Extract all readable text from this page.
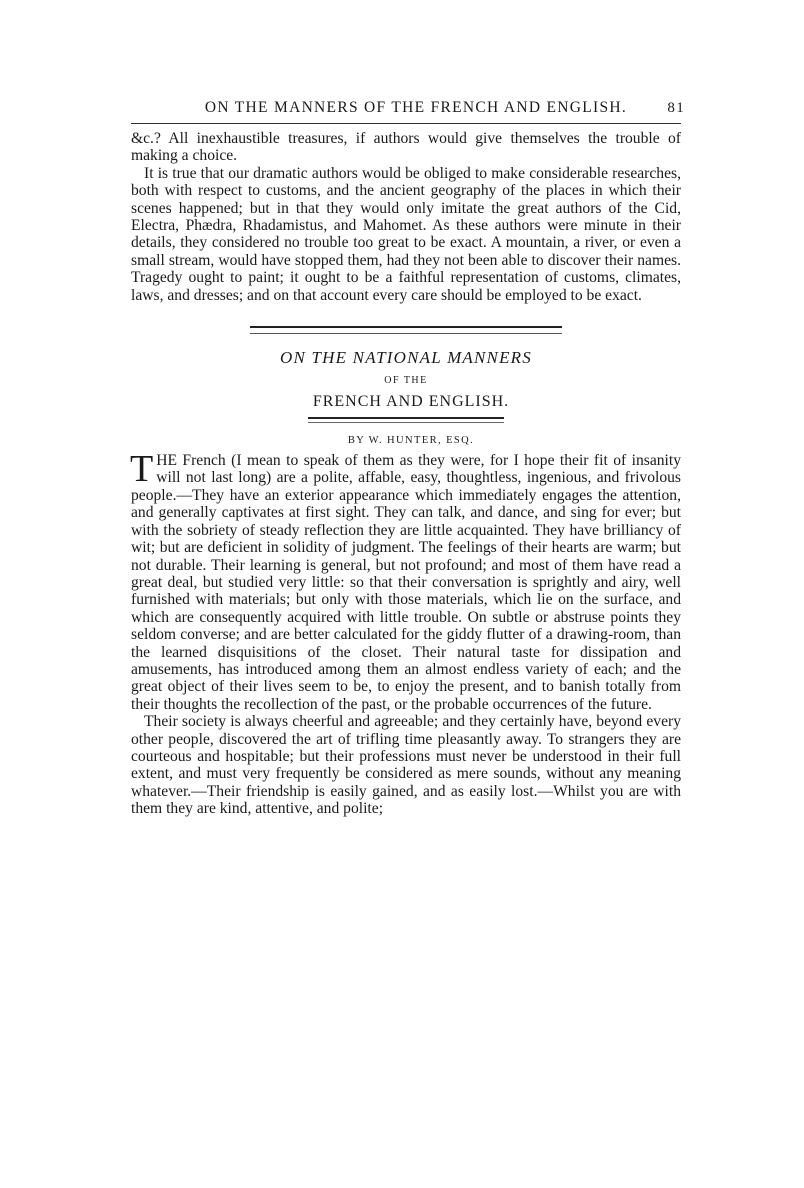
ON THE MANNERS OF THE FRENCH AND ENGLISH.	81

&c.? All inexhaustible treasures, if authors would give themselves the trouble of making a choice.

It is true that our dramatic authors would be obliged to make considerable researches, both with respect to customs, and the ancient geography of the places in which their scenes happened; but in that they would only imitate the great authors of the Cid, Electra, Phædra, Rhadamistus, and Mahomet. As these authors were minute in their details, they considered no trouble too great to be exact. A mountain, a river, or even a small stream, would have stopped them, had they not been able to discover their names. Tragedy ought to paint; it ought to be a faithful representation of customs, climates, laws, and dresses; and on that account every care should be employed to be exact.

ON THE NATIONAL MANNERS
OF THE
FRENCH AND ENGLISH.
BY W. HUNTER, ESQ.

THE French (I mean to speak of them as they were, for I hope their fit of insanity will not last long) are a polite, affable, easy, thoughtless, ingenious, and frivolous people.—They have an exterior appearance which immediately engages the attention, and generally captivates at first sight. They can talk, and dance, and sing for ever; but with the sobriety of steady reflection they are little acquainted. They have brilliancy of wit; but are deficient in solidity of judgment. The feelings of their hearts are warm; but not durable. Their learning is general, but not profound; and most of them have read a great deal, but studied very little: so that their conversation is sprightly and airy, well furnished with materials; but only with those materials, which lie on the surface, and which are consequently acquired with little trouble. On subtle or abstruse points they seldom converse; and are better calculated for the giddy flutter of a drawing-room, than the learned disquisitions of the closet. Their natural taste for dissipation and amusements, has introduced among them an almost endless variety of each; and the great object of their lives seem to be, to enjoy the present, and to banish totally from their thoughts the recollection of the past, or the probable occurrences of the future.

Their society is always cheerful and agreeable; and they certainly have, beyond every other people, discovered the art of trifling time pleasantly away. To strangers they are courteous and hospitable; but their professions must never be understood in their full extent, and must very frequently be considered as mere sounds, without any meaning whatever.—Their friendship is easily gained, and as easily lost.—Whilst you are with them they are kind, attentive, and polite;
